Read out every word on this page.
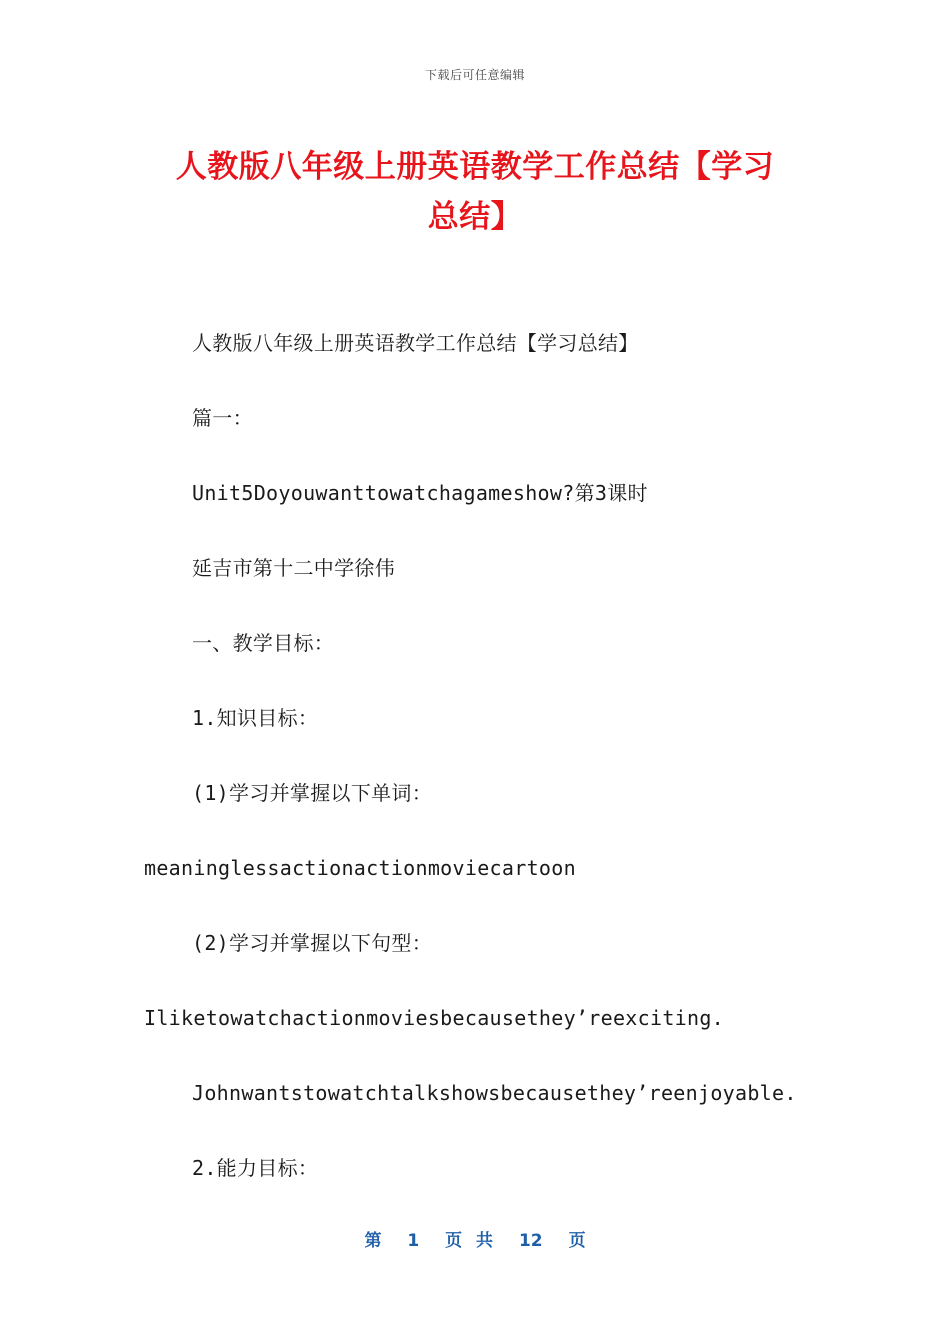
下载后可任意编辑
人教版八年级上册英语教学工作总结【学习
总结】
人教版八年级上册英语教学工作总结【学习总结】
篇一：
Unit5Doyouwanttowatchagameshow?第3课时
延吉市第十二中学徐伟
一、教学目标：
1.知识目标：
(1)学习并掌握以下单词：
meaninglessactionactionmoviecartoon
(2)学习并掌握以下句型：
Iliketowatchactionmoviesbecausethey’reexciting.
Johnwantstowatchtalkshowsbecausethey’reenjoyable.
2.能力目标：
第 1 页 共 12 页
